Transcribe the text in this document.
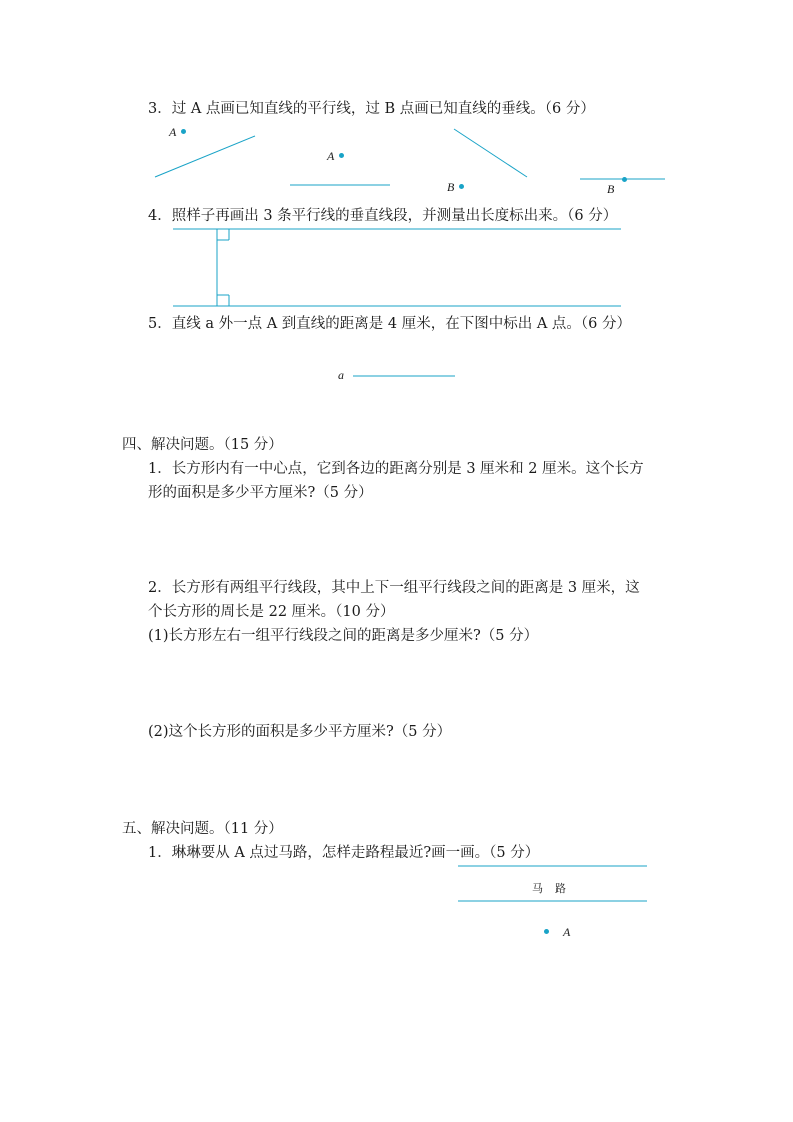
3．过 A 点画已知直线的平行线，过 B 点画已知直线的垂线。（6 分）
A
A
B	B
4．照样子再画出 3 条平行线的垂直线段，并测量出长度标出来。（6 分）
5．直线 a 外一点 A 到直线的距离是 4 厘米，在下图中标出 A 点。（6 分）
a
四、解决问题。（15 分）
1．长方形内有一中心点，它到各边的距离分别是 3 厘米和 2 厘米。这个长方
形的面积是多少平方厘米?（5 分）
2．长方形有两组平行线段，其中上下一组平行线段之间的距离是 3 厘米，这
个长方形的周长是 22 厘米。（10 分）
(1)长方形左右一组平行线段之间的距离是多少厘米?（5 分）
(2)这个长方形的面积是多少平方厘米?（5 分）
五、解决问题。（11 分）
1．琳琳要从 A 点过马路，怎样走路程最近?画一画。（5 分）
马路
A
